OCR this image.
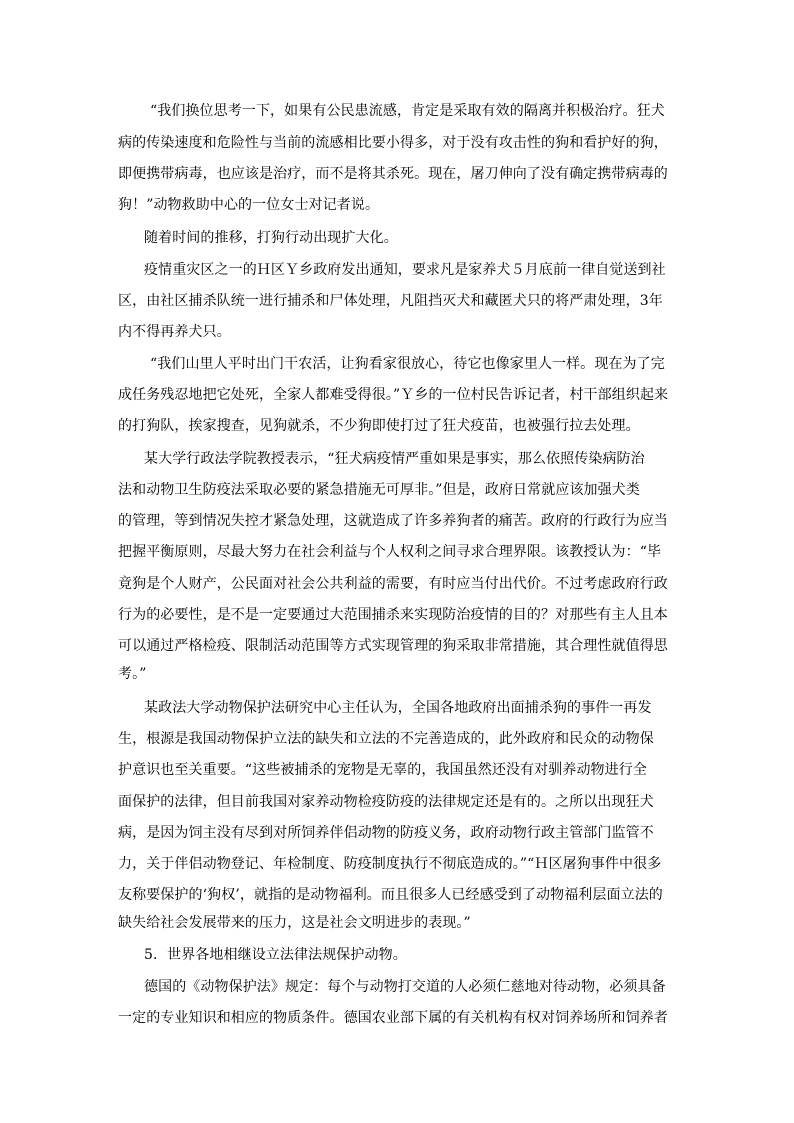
“我们换位思考一下，如果有公民患流感，肯定是采取有效的隔离并积极治疗。狂犬
病的传染速度和危险性与当前的流感相比要小得多，对于没有攻击性的狗和看护好的狗，
即便携带病毒，也应该是治疗，而不是将其杀死。现在，屠刀伸向了没有确定携带病毒的
狗！”动物救助中心的一位女士对记者说。
随着时间的推移，打狗行动出现扩大化。
疫情重灾区之一的Ｈ区Ｙ乡政府发出通知，要求凡是家养犬５月底前一律自觉送到社
区，由社区捕杀队统一进行捕杀和尸体处理，凡阻挡灭犬和藏匿犬只的将严肃处理，3年
内不得再养犬只。
“我们山里人平时出门干农活，让狗看家很放心，待它也像家里人一样。现在为了完
成任务残忍地把它处死，全家人都难受得很。”Ｙ乡的一位村民告诉记者，村干部组织起来
的打狗队，挨家搜查，见狗就杀，不少狗即使打过了狂犬疫苗，也被强行拉去处理。
某大学行政法学院教授表示，“狂犬病疫情严重如果是事实，那么依照传染病防治
法和动物卫生防疫法采取必要的紧急措施无可厚非。”但是，政府日常就应该加强犬类
的管理，等到情况失控才紧急处理，这就造成了许多养狗者的痛苦。政府的行政行为应当
把握平衡原则，尽最大努力在社会利益与个人权利之间寻求合理界限。该教授认为：“毕
竟狗是个人财产，公民面对社会公共利益的需要，有时应当付出代价。不过考虑政府行政
行为的必要性，是不是一定要通过大范围捕杀来实现防治疫情的目的？对那些有主人且本
可以通过严格检疫、限制活动范围等方式实现管理的狗采取非常措施，其合理性就值得思
考。”
某政法大学动物保护法研究中心主任认为，全国各地政府出面捕杀狗的事件一再发
生，根源是我国动物保护立法的缺失和立法的不完善造成的，此外政府和民众的动物保
护意识也至关重要。“这些被捕杀的宠物是无辜的，我国虽然还没有对驯养动物进行全
面保护的法律，但目前我国对家养动物检疫防疫的法律规定还是有的。之所以出现狂犬
病，是因为饲主没有尽到对所饲养伴侣动物的防疫义务，政府动物行政主管部门监管不
力，关于伴侣动物登记、年检制度、防疫制度执行不彻底造成的。”“Ｈ区屠狗事件中很多
友称要保护的‘狗权’，就指的是动物福利。而且很多人已经感受到了动物福利层面立法的
缺失给社会发展带来的压力，这是社会文明进步的表现。”
5．世界各地相继设立法律法规保护动物。
德国的《动物保护法》规定：每个与动物打交道的人必须仁慈地对待动物，必须具备
一定的专业知识和相应的物质条件。德国农业部下属的有关机构有权对饲养场所和饲养者
